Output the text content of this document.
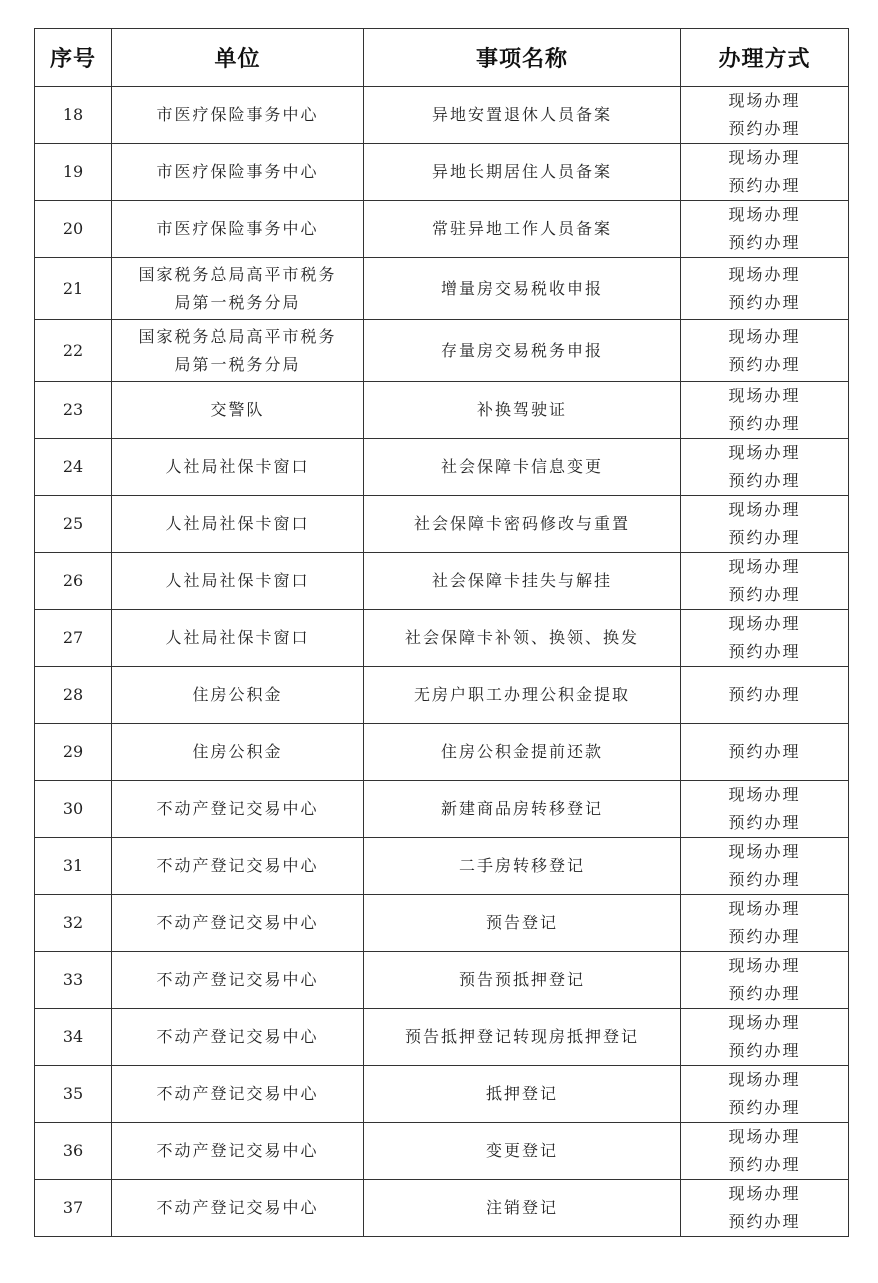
序号	单位	事项名称	办理方式
18	市医疗保险事务中心	异地安置退休人员备案	现场办理
预约办理

19	市医疗保险事务中心	异地长期居住人员备案	现场办理
预约办理

20	市医疗保险事务中心	常驻异地工作人员备案	现场办理
预约办理

21	国家税务总局高平市税务
局第一税务分局	增量房交易税收申报	现场办理
预约办理

22	国家税务总局高平市税务
局第一税务分局	存量房交易税务申报	现场办理
预约办理

23	交警队	补换驾驶证	现场办理
预约办理

24	人社局社保卡窗口	社会保障卡信息变更	现场办理
预约办理

25	人社局社保卡窗口	社会保障卡密码修改与重置	现场办理
预约办理

26	人社局社保卡窗口	社会保障卡挂失与解挂	现场办理
预约办理

27	人社局社保卡窗口	社会保障卡补领、换领、换发	现场办理
预约办理

28	住房公积金	无房户职工办理公积金提取	预约办理

29	住房公积金	住房公积金提前还款	预约办理

30	不动产登记交易中心	新建商品房转移登记	现场办理
预约办理

31	不动产登记交易中心	二手房转移登记	现场办理
预约办理

32	不动产登记交易中心	预告登记	现场办理
预约办理

33	不动产登记交易中心	预告预抵押登记	现场办理
预约办理

34	不动产登记交易中心	预告抵押登记转现房抵押登记	现场办理
预约办理

35	不动产登记交易中心	抵押登记	现场办理
预约办理

36	不动产登记交易中心	变更登记	现场办理
预约办理

37	不动产登记交易中心	注销登记	现场办理
预约办理
